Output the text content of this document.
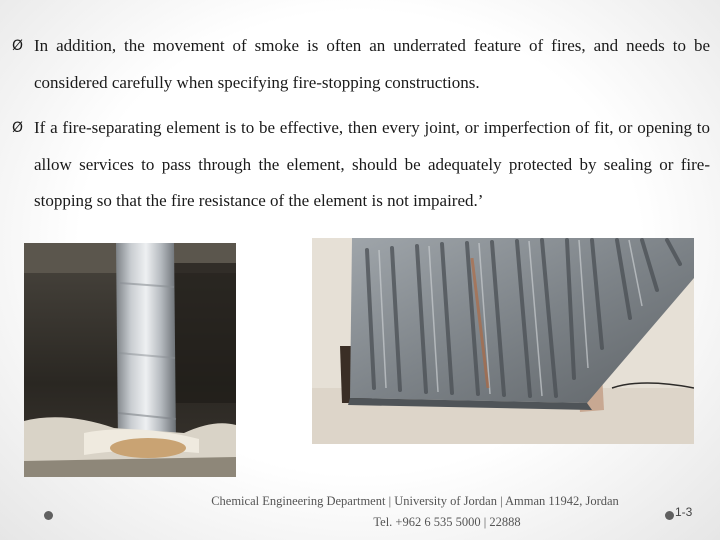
Ø In addition, the movement of smoke is often an underrated feature of fires, and needs to be considered carefully when specifying fire-stopping constructions.

Ø If a fire-separating element is to be effective, then every joint, or imperfection of fit, or opening to allow services to pass through the element, should be adequately protected by sealing or fire-stopping so that the fire resistance of the element is not impaired.’

Chemical Engineering Department | University of Jordan | Amman 11942, Jordan
Tel. +962 6 535 5000 | 22888
1-3
